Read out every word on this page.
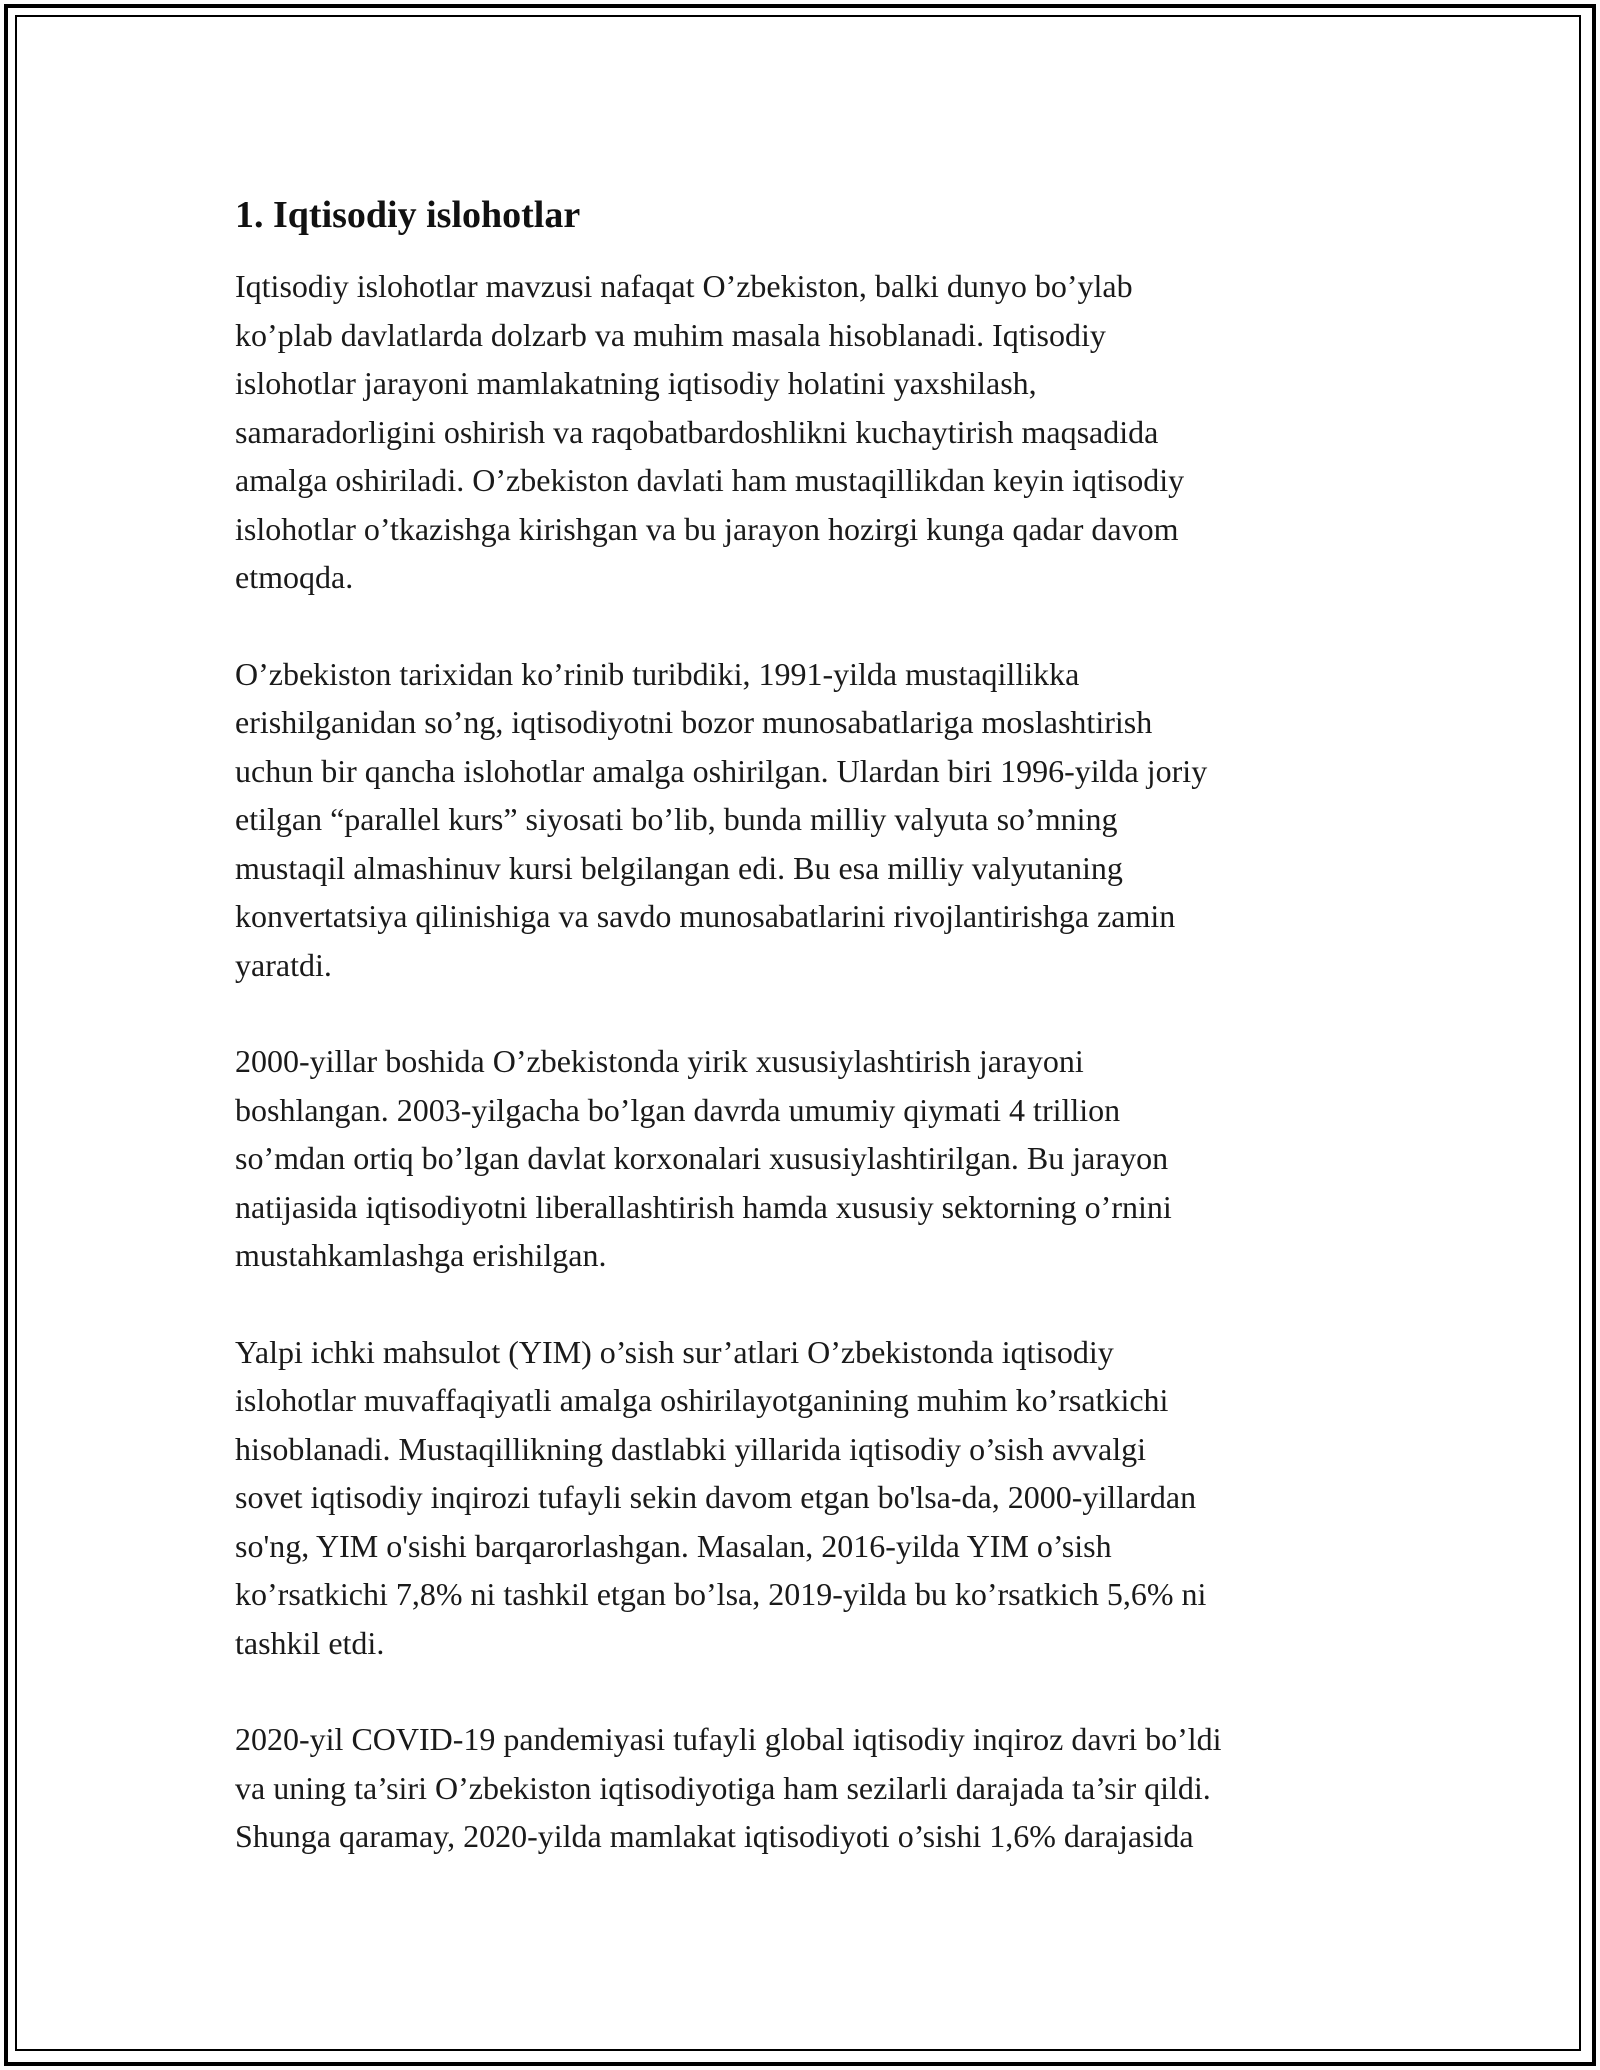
1. Iqtisodiy islohotlar

Iqtisodiy islohotlar mavzusi nafaqat O’zbekiston, balki dunyo bo’ylab
ko’plab davlatlarda dolzarb va muhim masala hisoblanadi. Iqtisodiy
islohotlar jarayoni mamlakatning iqtisodiy holatini yaxshilash,
samaradorligini oshirish va raqobatbardoshlikni kuchaytirish maqsadida
amalga oshiriladi. O’zbekiston davlati ham mustaqillikdan keyin iqtisodiy
islohotlar o’tkazishga kirishgan va bu jarayon hozirgi kunga qadar davom
etmoqda.

O’zbekiston tarixidan ko’rinib turibdiki, 1991-yilda mustaqillikka
erishilganidan so’ng, iqtisodiyotni bozor munosabatlariga moslashtirish
uchun bir qancha islohotlar amalga oshirilgan. Ulardan biri 1996-yilda joriy
etilgan “parallel kurs” siyosati bo’lib, bunda milliy valyuta so’mning
mustaqil almashinuv kursi belgilangan edi. Bu esa milliy valyutaning
konvertatsiya qilinishiga va savdo munosabatlarini rivojlantirishga zamin
yaratdi.

2000-yillar boshida O’zbekistonda yirik xususiylashtirish jarayoni
boshlangan. 2003-yilgacha bo’lgan davrda umumiy qiymati 4 trillion
so’mdan ortiq bo’lgan davlat korxonalari xususiylashtirilgan. Bu jarayon
natijasida iqtisodiyotni liberallashtirish hamda xususiy sektorning o’rnini
mustahkamlashga erishilgan.

Yalpi ichki mahsulot (YIM) o’sish sur’atlari O’zbekistonda iqtisodiy
islohotlar muvaffaqiyatli amalga oshirilayotganining muhim ko’rsatkichi
hisoblanadi. Mustaqillikning dastlabki yillarida iqtisodiy o’sish avvalgi
sovet iqtisodiy inqirozi tufayli sekin davom etgan bo'lsa-da, 2000-yillardan
so'ng, YIM o'sishi barqarorlashgan. Masalan, 2016-yilda YIM o’sish
ko’rsatkichi 7,8% ni tashkil etgan bo’lsa, 2019-yilda bu ko’rsatkich 5,6% ni
tashkil etdi.

2020-yil COVID-19 pandemiyasi tufayli global iqtisodiy inqiroz davri bo’ldi
va uning ta’siri O’zbekiston iqtisodiyotiga ham sezilarli darajada ta’sir qildi.
Shunga qaramay, 2020-yilda mamlakat iqtisodiyoti o’sishi 1,6% darajasida
